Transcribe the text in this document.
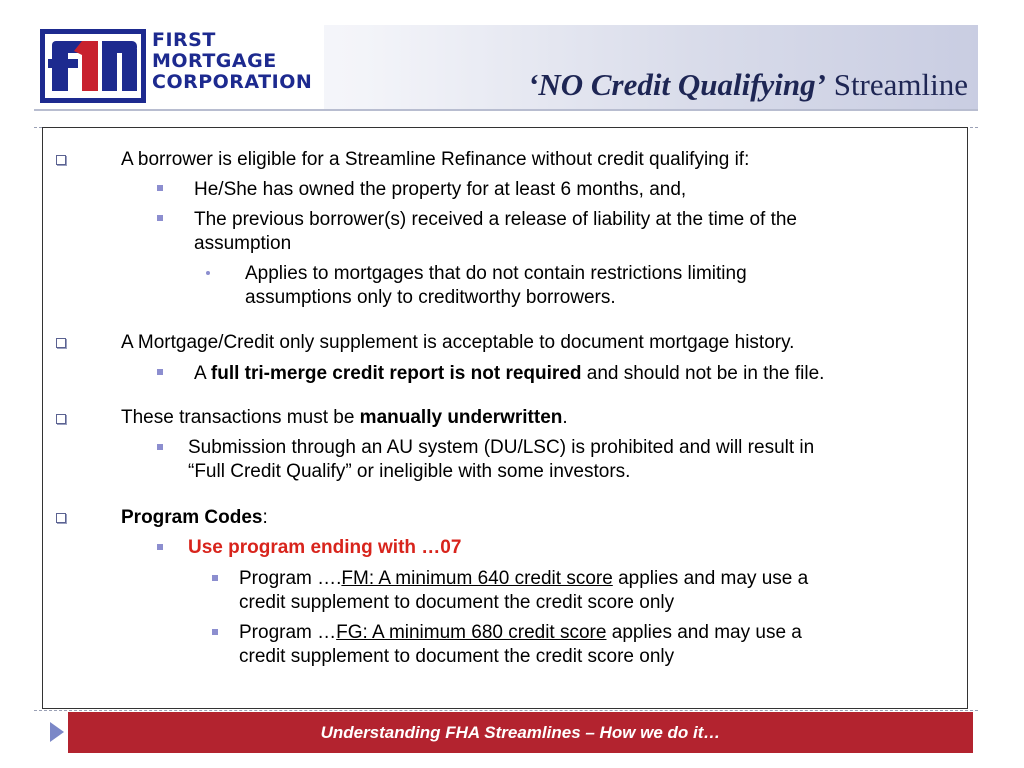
FIRST
MORTGAGE
CORPORATION	‘NO Credit Qualifying’ Streamline
A borrower is eligible for a Streamline Refinance without credit qualifying if:
He/She has owned the property for at least 6 months, and,
The previous borrower(s) received a release of liability at the time of the
assumption
Applies to mortgages that do not contain restrictions limiting
assumptions only to creditworthy borrowers.
A Mortgage/Credit only supplement is acceptable to document mortgage history.
A full tri-merge credit report is not required and should not be in the file.
These transactions must be manually underwritten.
Submission through an AU system (DU/LSC) is prohibited and will result in
“Full Credit Qualify” or ineligible with some investors.
Program Codes:
Use program ending with …07
Program ….FM: A minimum 640 credit score applies and may use a
credit supplement to document the credit score only
Program …FG: A minimum 680 credit score applies and may use a
credit supplement to document the credit score only
Understanding FHA Streamlines – How we do it…
